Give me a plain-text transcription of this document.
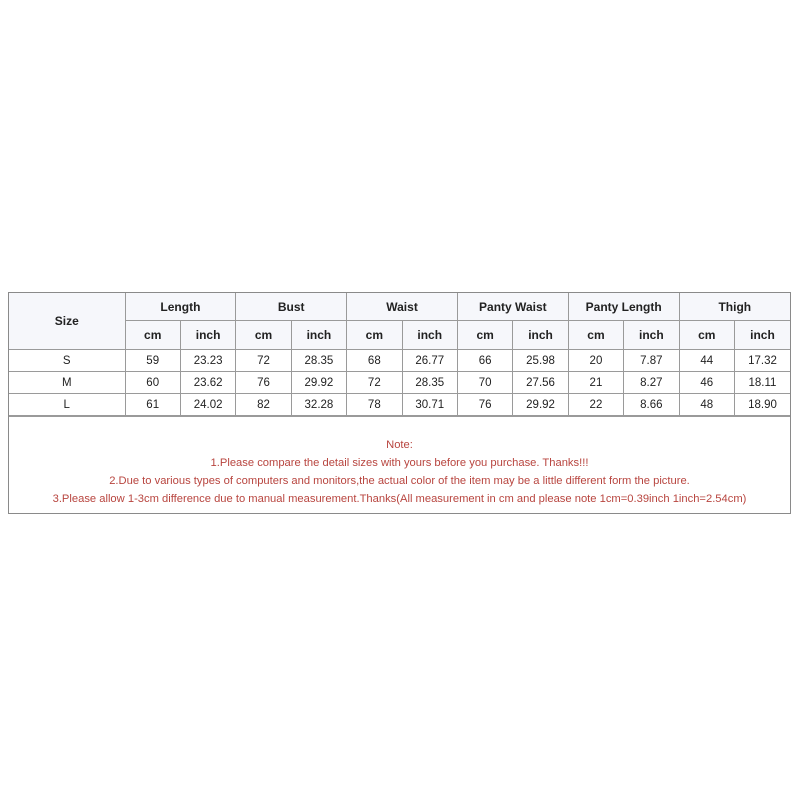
Size	Length		Bust		Waist		Panty Waist		Panty Length		Thigh	
	cm	inch	cm	inch	cm	inch	cm	inch	cm	inch	cm	inch
S	59	23.23	72	28.35	68	26.77	66	25.98	20	7.87	44	17.32
M	60	23.62	76	29.92	72	28.35	70	27.56	21	8.27	46	18.11
L	61	24.02	82	32.28	78	30.71	76	29.92	22	8.66	48	18.90
Note:
1.Please compare the detail sizes with yours before you purchase. Thanks!!!
2.Due to various types of computers and monitors,the actual color of the item may be a little different form the picture.
3.Please allow 1-3cm difference due to manual measurement.Thanks(All measurement in cm and please note 1cm=0.39inch 1inch=2.54cm)
